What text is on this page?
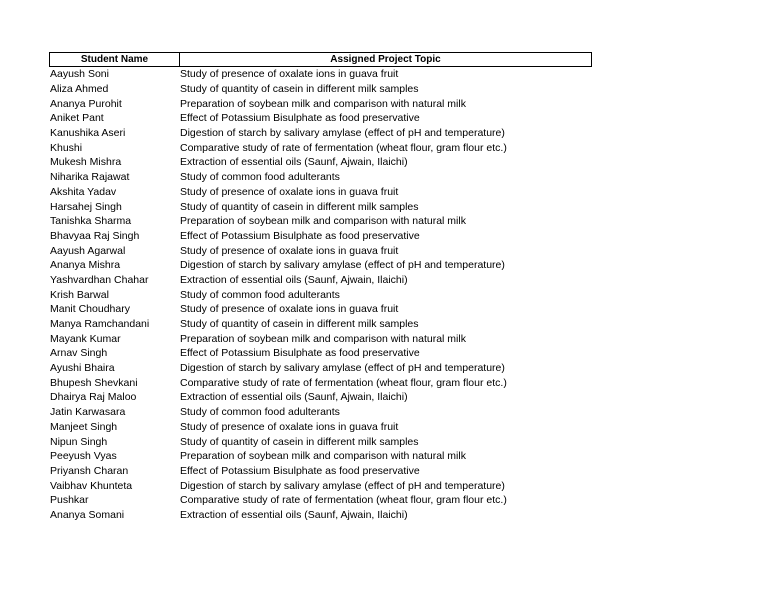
Student Name	Assigned Project Topic
Aayush Soni	Study of presence of oxalate ions in guava fruit
Aliza Ahmed	Study of quantity of casein in different milk samples
Ananya Purohit	Preparation of soybean milk and comparison with natural milk
Aniket Pant	Effect of Potassium Bisulphate as food preservative
Kanushika Aseri	Digestion of starch by salivary amylase (effect of pH and temperature)
Khushi	Comparative study of rate of fermentation (wheat flour, gram flour etc.)
Mukesh Mishra	Extraction of essential oils (Saunf, Ajwain, Ilaichi)
Niharika Rajawat	Study of common food adulterants
Akshita Yadav	Study of presence of oxalate ions in guava fruit
Harsahej Singh	Study of quantity of casein in different milk samples
Tanishka Sharma	Preparation of soybean milk and comparison with natural milk
Bhavyaa Raj Singh	Effect of Potassium Bisulphate as food preservative
Aayush Agarwal	Study of presence of oxalate ions in guava fruit
Ananya Mishra	Digestion of starch by salivary amylase (effect of pH and temperature)
Yashvardhan Chahar	Extraction of essential oils (Saunf, Ajwain, Ilaichi)
Krish Barwal	Study of common food adulterants
Manit Choudhary	Study of presence of oxalate ions in guava fruit
Manya Ramchandani	Study of quantity of casein in different milk samples
Mayank Kumar	Preparation of soybean milk and comparison with natural milk
Arnav Singh	Effect of Potassium Bisulphate as food preservative
Ayushi Bhaira	Digestion of starch by salivary amylase (effect of pH and temperature)
Bhupesh Shevkani	Comparative study of rate of fermentation (wheat flour, gram flour etc.)
Dhairya Raj Maloo	Extraction of essential oils (Saunf, Ajwain, Ilaichi)
Jatin Karwasara	Study of common food adulterants
Manjeet Singh	Study of presence of oxalate ions in guava fruit
Nipun Singh	Study of quantity of casein in different milk samples
Peeyush Vyas	Preparation of soybean milk and comparison with natural milk
Priyansh Charan	Effect of Potassium Bisulphate as food preservative
Vaibhav Khunteta	Digestion of starch by salivary amylase (effect of pH and temperature)
Pushkar	Comparative study of rate of fermentation (wheat flour, gram flour etc.)
Ananya Somani	Extraction of essential oils (Saunf, Ajwain, Ilaichi)
